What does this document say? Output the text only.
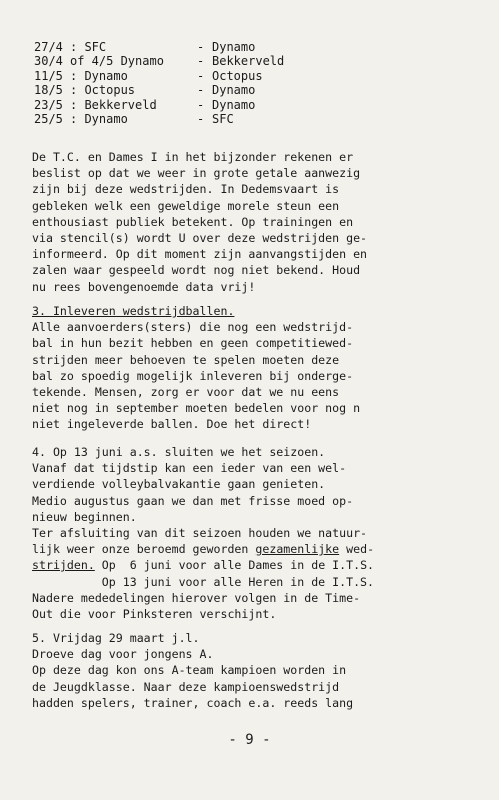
27/4 : SFC	- Dynamo
30/4 of 4/5 Dynamo	- Bekkerveld
11/5 : Dynamo	- Octopus
18/5 : Octopus	- Dynamo
23/5 : Bekkerveld	- Dynamo
25/5 : Dynamo	- SFC
De T.C. en Dames I in het bijzonder rekenen er
beslist op dat we weer in grote getale aanwezig
zijn bij deze wedstrijden. In Dedemsvaart is
gebleken welk een geweldige morele steun een
enthousiast publiek betekent. Op trainingen en
via stencil(s) wordt U over deze wedstrijden ge-
informeerd. Op dit moment zijn aanvangstijden en
zalen waar gespeeld wordt nog niet bekend. Houd
nu rees bovengenoemde data vrij!
3. Inleveren wedstrijdballen.
Alle aanvoerders(sters) die nog een wedstrijd-
bal in hun bezit hebben en geen competitiewed-
strijden meer behoeven te spelen moeten deze
bal zo spoedig mogelijk inleveren bij onderge-
tekende. Mensen, zorg er voor dat we nu eens
niet nog in september moeten bedelen voor nog n
niet ingeleverde ballen. Doe het direct!
4. Op 13 juni a.s. sluiten we het seizoen.
Vanaf dat tijdstip kan een ieder van een wel-
verdiende volleybalvakantie gaan genieten.
Medio augustus gaan we dan met frisse moed op-
nieuw beginnen.
Ter afsluiting van dit seizoen houden we natuur-
lijk weer onze beroemd geworden gezamenlijke wed-
strijden. Op  6 juni voor alle Dames in de I.T.S.
Op 13 juni voor alle Heren in de I.T.S.
Nadere mededelingen hierover volgen in de Time-
Out die voor Pinksteren verschijnt.
5. Vrijdag 29 maart j.l.
Droeve dag voor jongens A.
Op deze dag kon ons A-team kampioen worden in
de Jeugdklasse. Naar deze kampioenswedstrijd
hadden spelers, trainer, coach e.a. reeds lang
- 9 -
